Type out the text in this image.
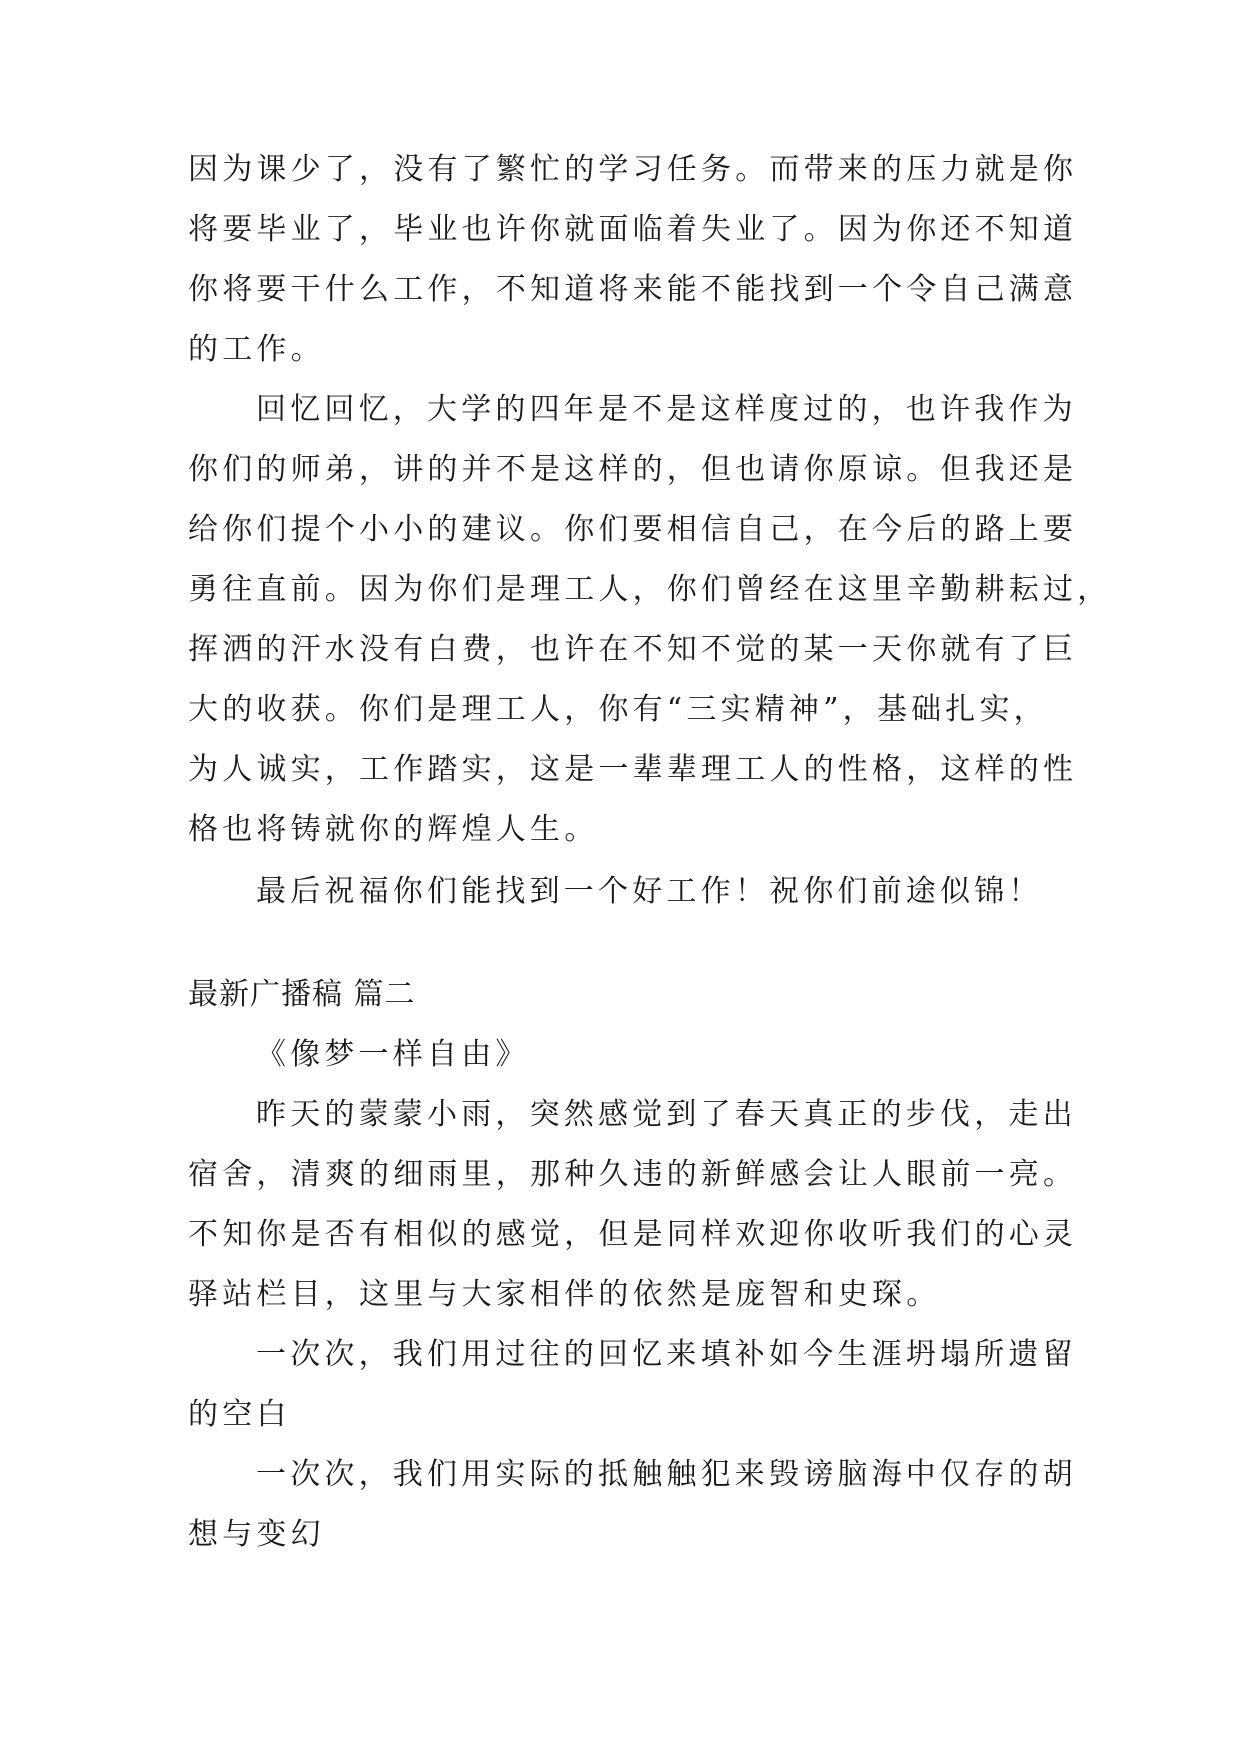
因为课少了，没有了繁忙的学习任务。而带来的压力就是你
将要毕业了，毕业也许你就面临着失业了。因为你还不知道
你将要干什么工作，不知道将来能不能找到一个令自己满意
的工作。
回忆回忆，大学的四年是不是这样度过的，也许我作为
你们的师弟，讲的并不是这样的，但也请你原谅。但我还是
给你们提个小小的建议。你们要相信自己，在今后的路上要
勇往直前。因为你们是理工人，你们曾经在这里辛勤耕耘过，
挥洒的汗水没有白费，也许在不知不觉的某一天你就有了巨
大的收获。你们是理工人，你有“三实精神”，基础扎实，
为人诚实，工作踏实，这是一辈辈理工人的性格，这样的性
格也将铸就你的辉煌人生。
最后祝福你们能找到一个好工作！祝你们前途似锦！
最新广播稿 篇二
《像梦一样自由》
昨天的蒙蒙小雨，突然感觉到了春天真正的步伐，走出
宿舍，清爽的细雨里，那种久违的新鲜感会让人眼前一亮。
不知你是否有相似的感觉，但是同样欢迎你收听我们的心灵
驿站栏目，这里与大家相伴的依然是庞智和史琛。
一次次，我们用过往的回忆来填补如今生涯坍塌所遗留
的空白
一次次，我们用实际的抵触触犯来毁谤脑海中仅存的胡
想与变幻
